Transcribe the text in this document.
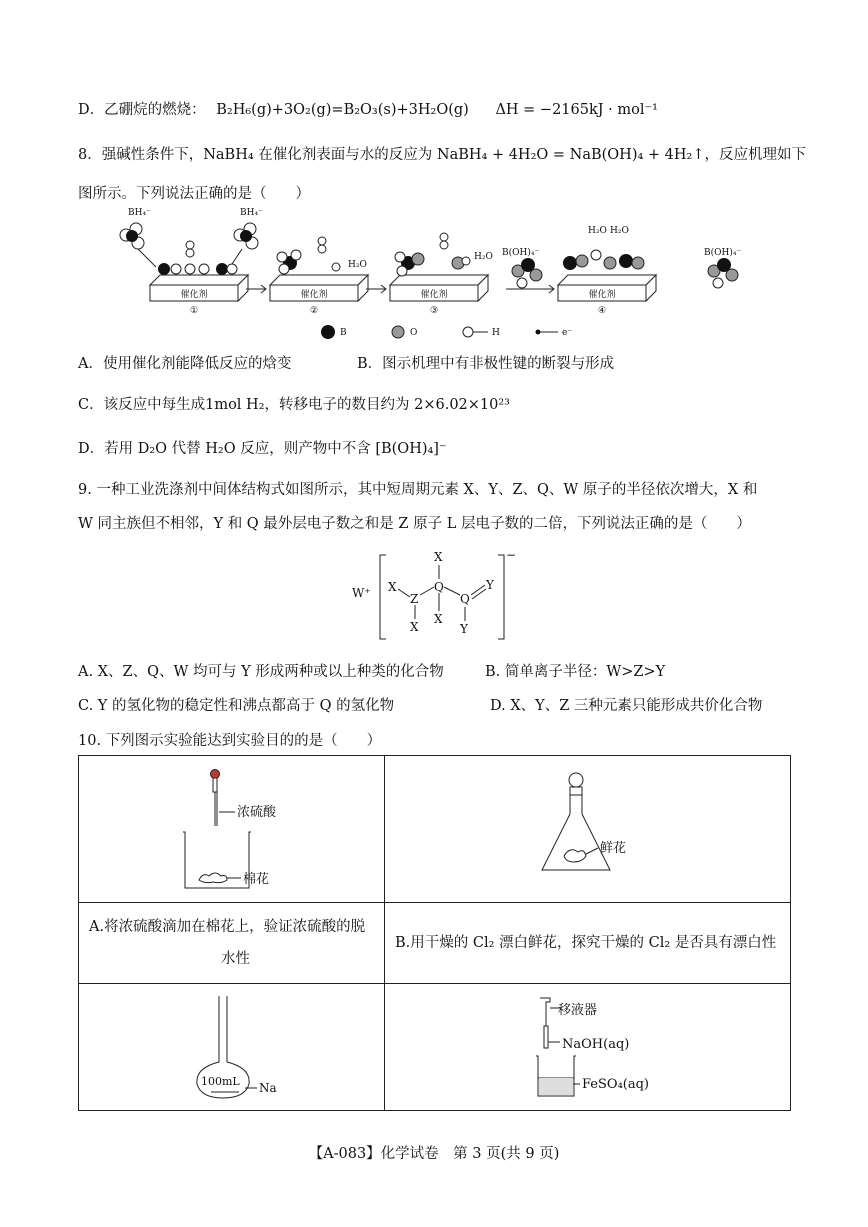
D．乙硼烷的燃烧： B₂H₆(g)+3O₂(g)=B₂O₃(s)+3H₂O(g) ΔH = −2165kJ · mol⁻¹
8．强碱性条件下，NaBH₄ 在催化剂表面与水的反应为 NaBH₄ + 4H₂O = NaB(OH)₄ + 4H₂↑，反应机理如下
图所示。下列说法正确的是（　　）
催化剂
①
催化剂
②
催化剂
③
催化剂
④
…
BH₄⁻	BH₄⁻
H₂O
H₂O B(OH)₄⁻
H₂O H₂O
B(OH)₄⁻
B	O	H	e⁻
A．使用催化剂能降低反应的焓变	B．图示机理中有非极性键的断裂与形成
C．该反应中每生成1mol H₂，转移电子的数目约为 2×6.02×10²³
D．若用 D₂O 代替 H₂O 反应，则产物中不含 [B(OH)₄]⁻
9. 一种工业洗涤剂中间体结构式如图所示，其中短周期元素 X、Y、Z、Q、W 原子的半径依次增大，X 和
W 同主族但不相邻，Y 和 Q 最外层电子数之和是 Z 原子 L 层电子数的二倍，下列说法正确的是（　　）
W⁺
−
X
X
Z
Q
X
X
Q
Y
Y
A. X、Z、Q、W 均可与 Y 形成两种或以上种类的化合物	B. 简单离子半径：W>Z>Y
C. Y 的氢化物的稳定性和沸点都高于 Q 的氢化物	D. X、Y、Z 三种元素只能形成共价化合物
10. 下列图示实验能达到实验目的的是（　　）
浓硫酸
棉花
鲜花
A.将浓硫酸滴加在棉花上，验证浓硫酸的脱
水性
B.用干燥的 Cl₂ 漂白鲜花，探究干燥的 Cl₂ 是否具有漂白性
100mL Na
移液器
NaOH(aq)
FeSO₄(aq)
【A-083】化学试卷　第 3 页(共 9 页)
